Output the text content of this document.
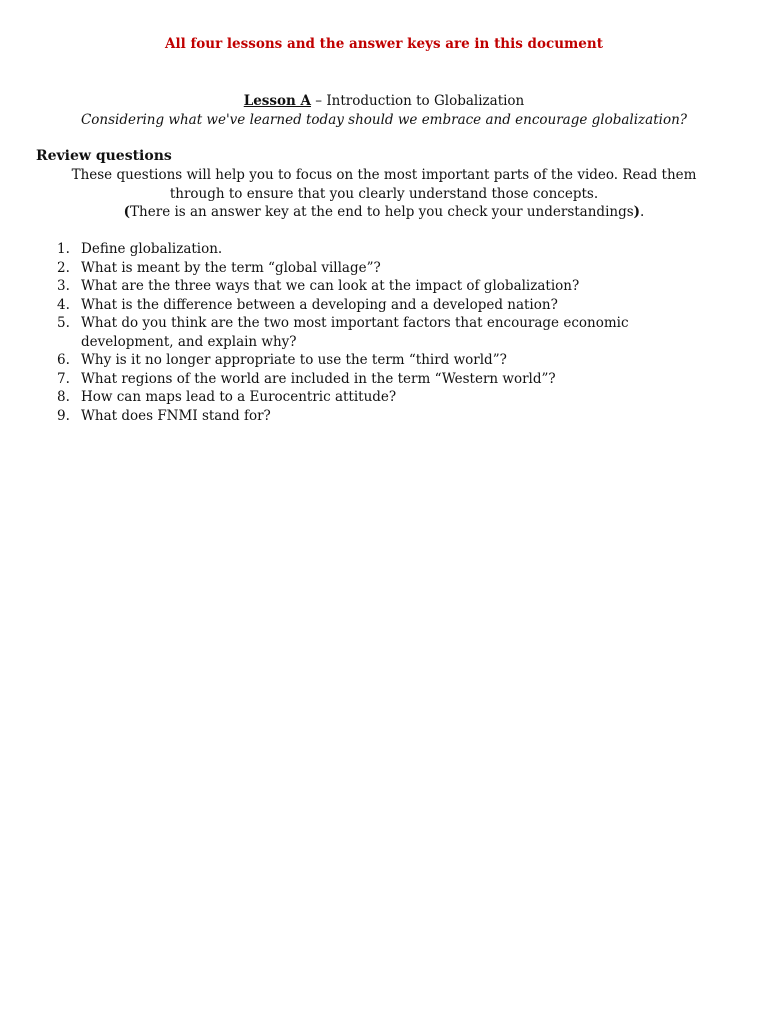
All four lessons and the answer keys are in this document
Lesson A – Introduction to Globalization
Considering what we've learned today should we embrace and encourage globalization?
Review questions
These questions will help you to focus on the most important parts of the video. Read them through to ensure that you clearly understand those concepts.
(There is an answer key at the end to help you check your understandings).
1. Define globalization.
2. What is meant by the term “global village”?
3. What are the three ways that we can look at the impact of globalization?
4. What is the difference between a developing and a developed nation?
5. What do you think are the two most important factors that encourage economic development, and explain why?
6. Why is it no longer appropriate to use the term “third world”?
7. What regions of the world are included in the term “Western world”?
8. How can maps lead to a Eurocentric attitude?
9. What does FNMI stand for?
